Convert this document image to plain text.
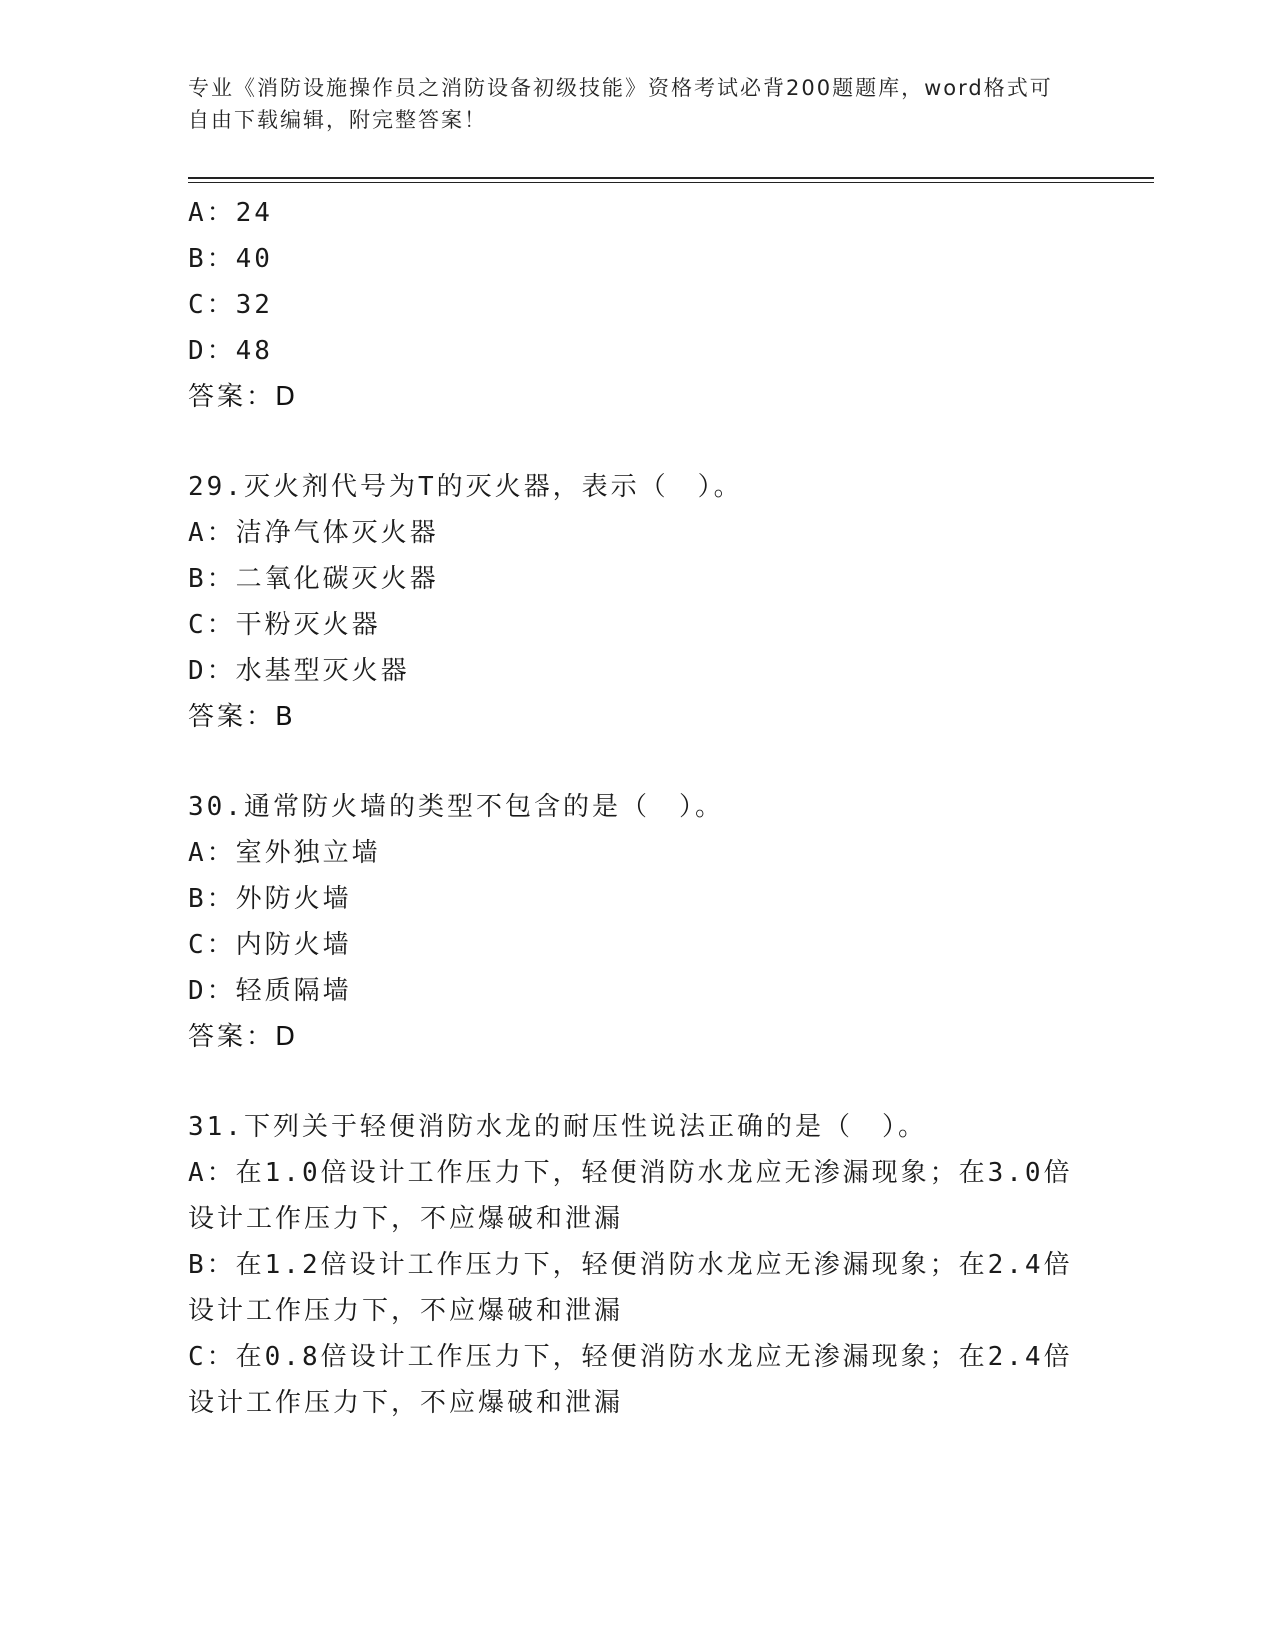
专业《消防设施操作员之消防设备初级技能》资格考试必背200题题库，word格式可自由下载编辑，附完整答案！
A：24
B：40
C：32
D：48
答案：D
29.灭火剂代号为T的灭火器，表示（　）。
A：洁净气体灭火器
B：二氧化碳灭火器
C：干粉灭火器
D：水基型灭火器
答案：B
30.通常防火墙的类型不包含的是（　）。
A：室外独立墙
B：外防火墙
C：内防火墙
D：轻质隔墙
答案：D
31.下列关于轻便消防水龙的耐压性说法正确的是（　）。
A：在1.0倍设计工作压力下，轻便消防水龙应无渗漏现象；在3.0倍设计工作压力下，不应爆破和泄漏
B：在1.2倍设计工作压力下，轻便消防水龙应无渗漏现象；在2.4倍设计工作压力下，不应爆破和泄漏
C：在0.8倍设计工作压力下，轻便消防水龙应无渗漏现象；在2.4倍设计工作压力下，不应爆破和泄漏
